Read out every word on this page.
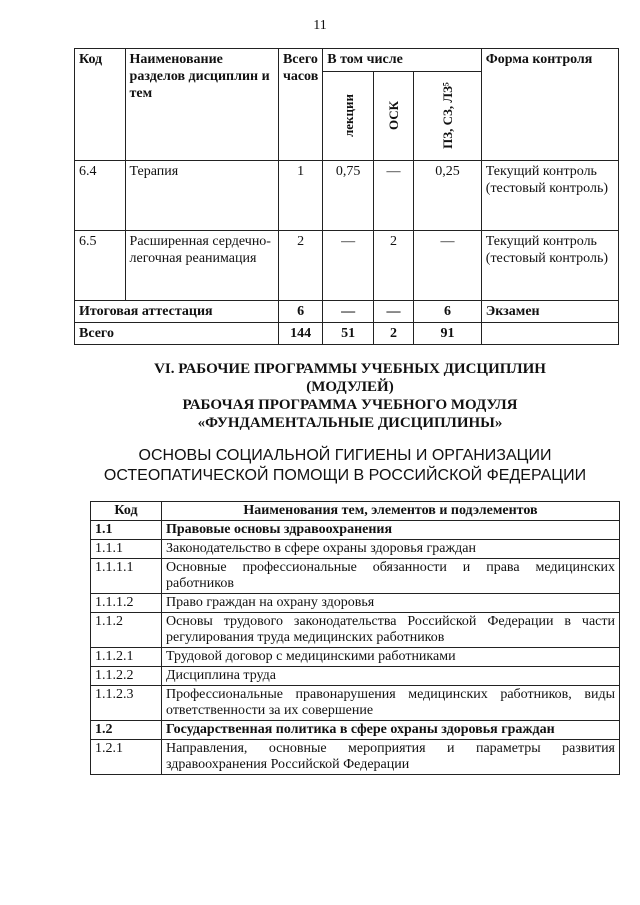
11
Код	Наименование разделов дисциплин и тем	Всего часов	В том числе			Форма контроля
			лекции	ОСК	ПЗ, СЗ, ЛЗ⁵	
6.4	Терапия	1	0,75	—	0,25	Текущий контроль (тестовый контроль)
6.5	Расширенная сердечно-легочная реанимация	2	—	2	—	Текущий контроль (тестовый контроль)
Итоговая аттестация		6	—	—	6	Экзамен
Всего		144	51	2	91	
VI. РАБОЧИЕ ПРОГРАММЫ УЧЕБНЫХ ДИСЦИПЛИН
(МОДУЛЕЙ)
РАБОЧАЯ ПРОГРАММА УЧЕБНОГО МОДУЛЯ
«ФУНДАМЕНТАЛЬНЫЕ ДИСЦИПЛИНЫ»
ОСНОВЫ СОЦИАЛЬНОЙ ГИГИЕНЫ И ОРГАНИЗАЦИИ
ОСТЕОПАТИЧЕСКОЙ ПОМОЩИ В РОССИЙСКОЙ ФЕДЕРАЦИИ
Код	Наименования тем, элементов и подэлементов
1.1	Правовые основы здравоохранения
1.1.1	Законодательство в сфере охраны здоровья граждан
1.1.1.1	Основные профессиональные обязанности и права медицинских работников
1.1.1.2	Право граждан на охрану здоровья
1.1.2	Основы трудового законодательства Российской Федерации в части регулирования труда медицинских работников
1.1.2.1	Трудовой договор с медицинскими работниками
1.1.2.2	Дисциплина труда
1.1.2.3	Профессиональные правонарушения медицинских работников, виды ответственности за их совершение
1.2	Государственная политика в сфере охраны здоровья граждан
1.2.1	Направления, основные мероприятия и параметры развития здравоохранения Российской Федерации
